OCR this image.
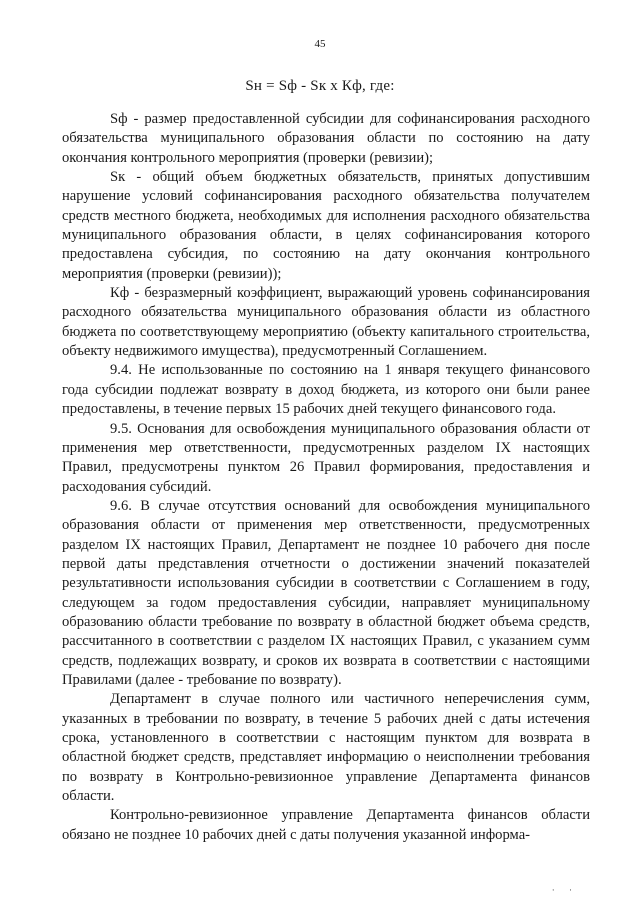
45
Sн = Sф - Sк х Кф, где:

Sф - размер предоставленной субсидии для софинансирования расходного обязательства муниципального образования области по состоянию на дату окончания контрольного мероприятия (проверки (ревизии);

Sк - общий объем бюджетных обязательств, принятых допустившим нарушение условий софинансирования расходного обязательства получателем средств местного бюджета, необходимых для исполнения расходного обязательства муниципального образования области, в целях софинансирования которого предоставлена субсидия, по состоянию на дату окончания контрольного мероприятия (проверки (ревизии));

Кф - безразмерный коэффициент, выражающий уровень софинансирования расходного обязательства муниципального образования области из областного бюджета по соответствующему мероприятию (объекту капитального строительства, объекту недвижимого имущества), предусмотренный Соглашением.

9.4. Не использованные по состоянию на 1 января текущего финансового года субсидии подлежат возврату в доход бюджета, из которого они были ранее предоставлены, в течение первых 15 рабочих дней текущего финансового года.

9.5. Основания для освобождения муниципального образования области от применения мер ответственности, предусмотренных разделом IX настоящих Правил, предусмотрены пунктом 26 Правил формирования, предоставления и расходования субсидий.

9.6. В случае отсутствия оснований для освобождения муниципального образования области от применения мер ответственности, предусмотренных разделом IX настоящих Правил, Департамент не позднее 10 рабочего дня после первой даты представления отчетности о достижении значений показателей результативности использования субсидии в соответствии с Соглашением в году, следующем за годом предоставления субсидии, направляет муниципальному образованию области требование по возврату в областной бюджет объема средств, рассчитанного в соответствии с разделом IX настоящих Правил, с указанием сумм средств, подлежащих возврату, и сроков их возврата в соответствии с настоящими Правилами (далее - требование по возврату).

Департамент в случае полного или частичного неперечисления сумм, указанных в требовании по возврату, в течение 5 рабочих дней с даты истечения срока, установленного в соответствии с настоящим пунктом для возврата в областной бюджет средств, представляет информацию о неисполнении требования по возврату в Контрольно-ревизионное управление Департамента финансов области.

Контрольно-ревизионное управление Департамента финансов области обязано не позднее 10 рабочих дней с даты получения указанной информа-

· ·
